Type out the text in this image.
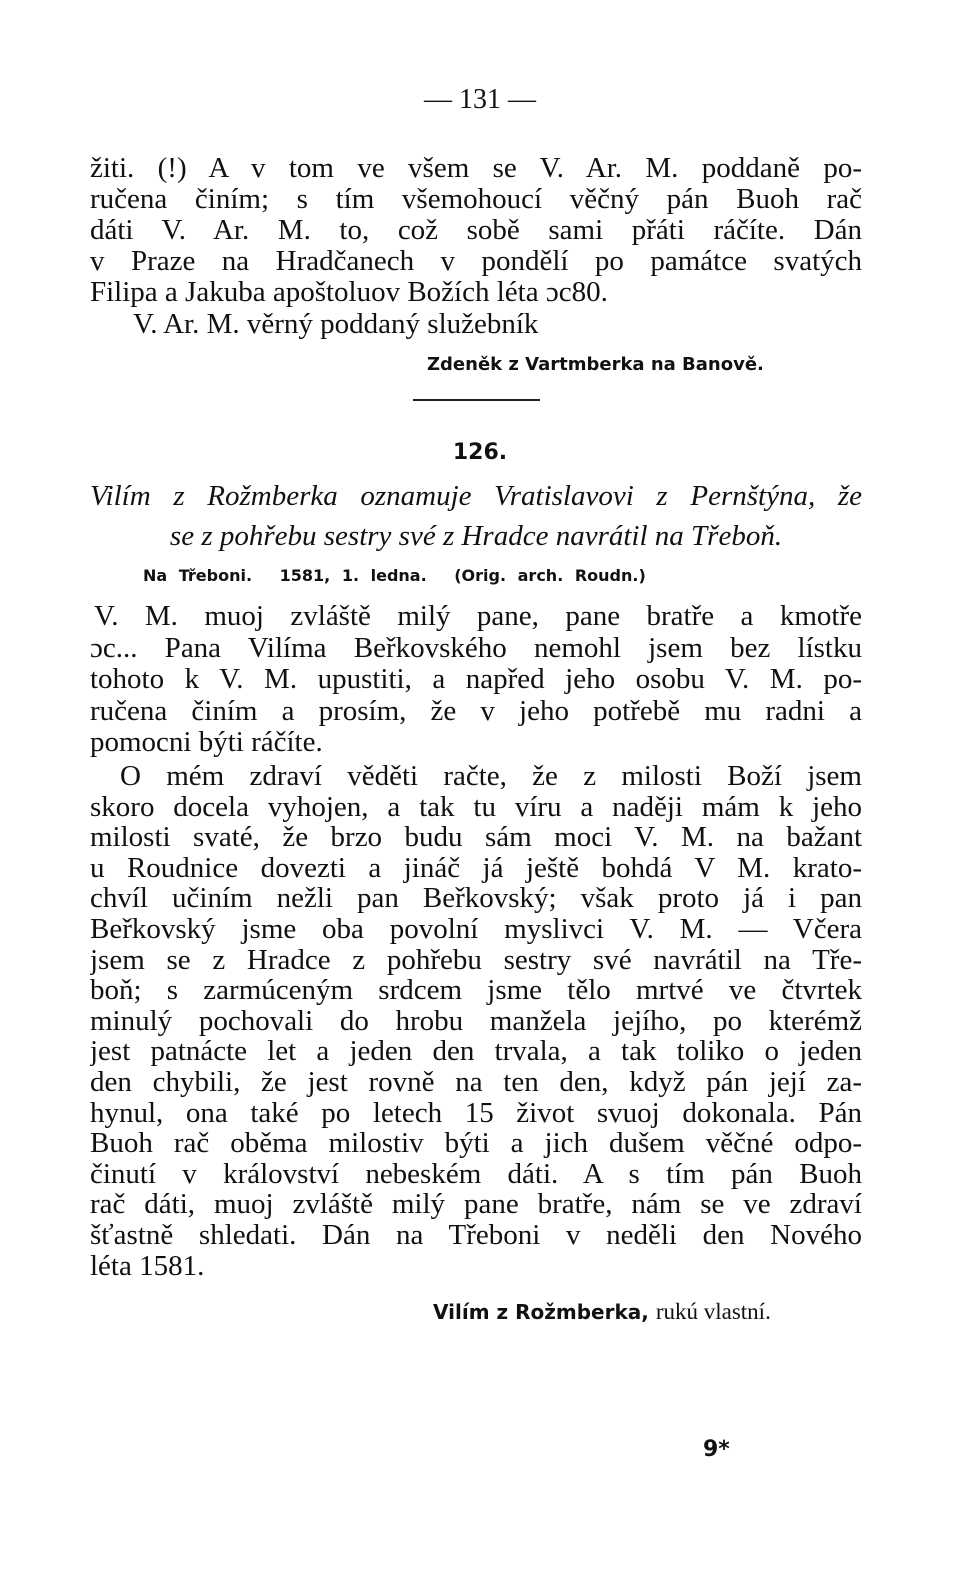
— 131 —
žiti. (!) A v tom ve všem se V. Ar. M. poddaně po-
ručena činím; s tím všemohoucí věčný pán Buoh rač
dáti V. Ar. M. to, což sobě sami přáti ráčíte. Dán
v Praze na Hradčanech v pondělí po památce svatých
Filipa a Jakuba apoštoluov Božích léta ɔc80.
V. Ar. M. věrný poddaný služebník
Zdeněk z Vartmberka na Banově.
126.
Vilím z Rožmberka oznamuje Vratislavovi z Pernštýna, že
se z pohřebu sestry své z Hradce navrátil na Třeboň.
Na Třeboni. 1581, 1. ledna. (Orig. arch. Roudn.)
V. M. muoj zvláště milý pane, pane bratře a kmotře
ɔc... Pana Vilíma Beřkovského nemohl jsem bez lístku
tohoto k V. M. upustiti, a napřed jeho osobu V. M. po-
ručena činím a prosím, že v jeho potřebě mu radni a
pomocni býti ráčíte.
O mém zdraví věděti račte, že z milosti Boží jsem
skoro docela vyhojen, a tak tu víru a naději mám k jeho
milosti svaté, že brzo budu sám moci V. M. na bažant
u Roudnice dovezti a jináč já ještě bohdá V M. krato-
chvíl učiním nežli pan Beřkovský; však proto já i pan
Beřkovský jsme oba povolní myslivci V. M. — Včera
jsem se z Hradce z pohřebu sestry své navrátil na Tře-
boň; s zarmúceným srdcem jsme tělo mrtvé ve čtvrtek
minulý pochovali do hrobu manžela jejího, po kterémž
jest patnácte let a jeden den trvala, a tak toliko o jeden
den chybili, že jest rovně na ten den, když pán její za-
hynul, ona také po letech 15 život svuoj dokonala. Pán
Buoh rač oběma milostiv býti a jich dušem věčné odpo-
činutí v království nebeském dáti. A s tím pán Buoh
rač dáti, muoj zvláště milý pane bratře, nám se ve zdraví
šťastně shledati. Dán na Třeboni v neděli den Nového
léta 1581.
Vilím z Rožmberka, rukú vlastní.
9*
